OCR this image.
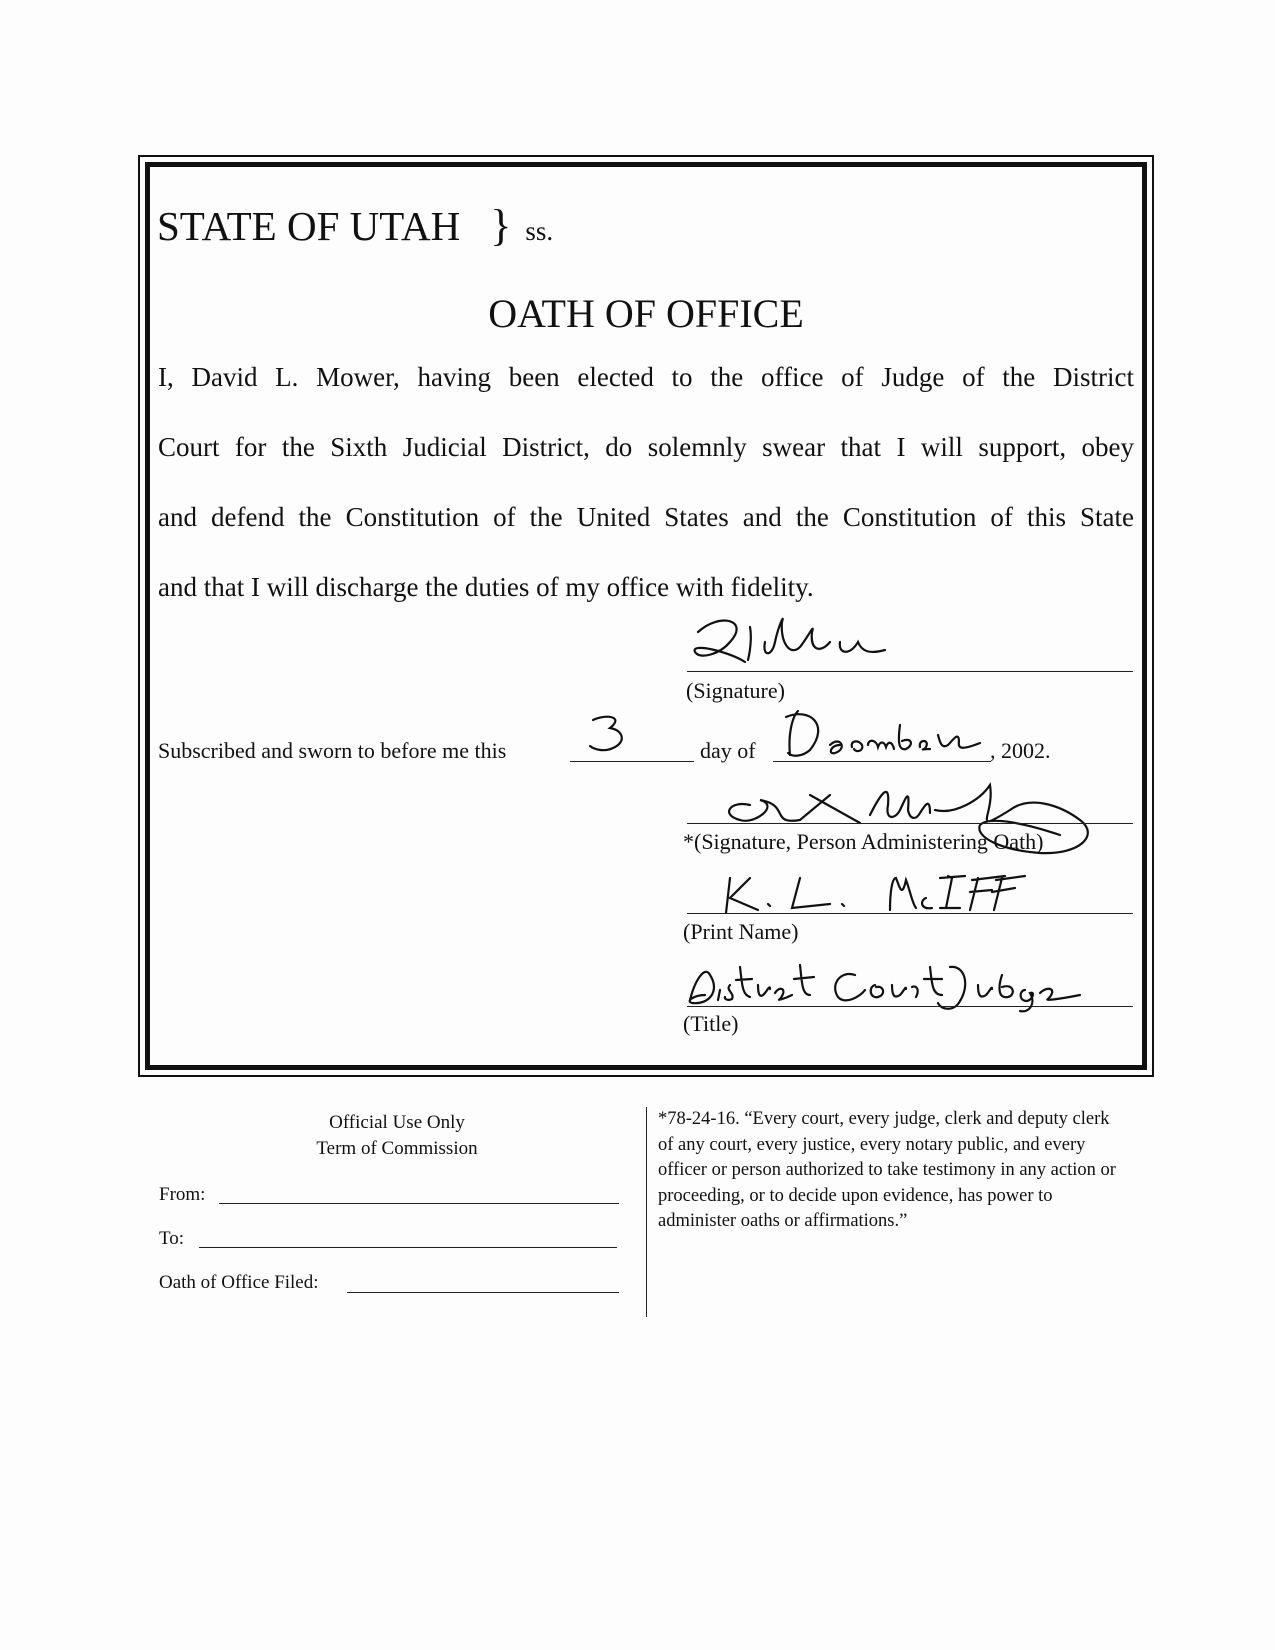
STATE OF UTAH } ss.
OATH OF OFFICE
I, David L. Mower, having been elected to the office of Judge of the District
Court for the Sixth Judicial District, do solemnly swear that I will support, obey
and defend the Constitution of the United States and the Constitution of this State
and that I will discharge the duties of my office with fidelity.
(Signature)
Subscribed and sworn to before me this	day of	, 2002.
*(Signature, Person Administering Oath)
(Print Name)
(Title)
Official Use Only
Term of Commission
From:
To:
Oath of Office Filed:
*78-24-16. “Every court, every judge, clerk and deputy clerk of any court, every justice, every notary public, and every officer or person authorized to take testimony in any action or proceeding, or to decide upon evidence, has power to administer oaths or affirmations.”
